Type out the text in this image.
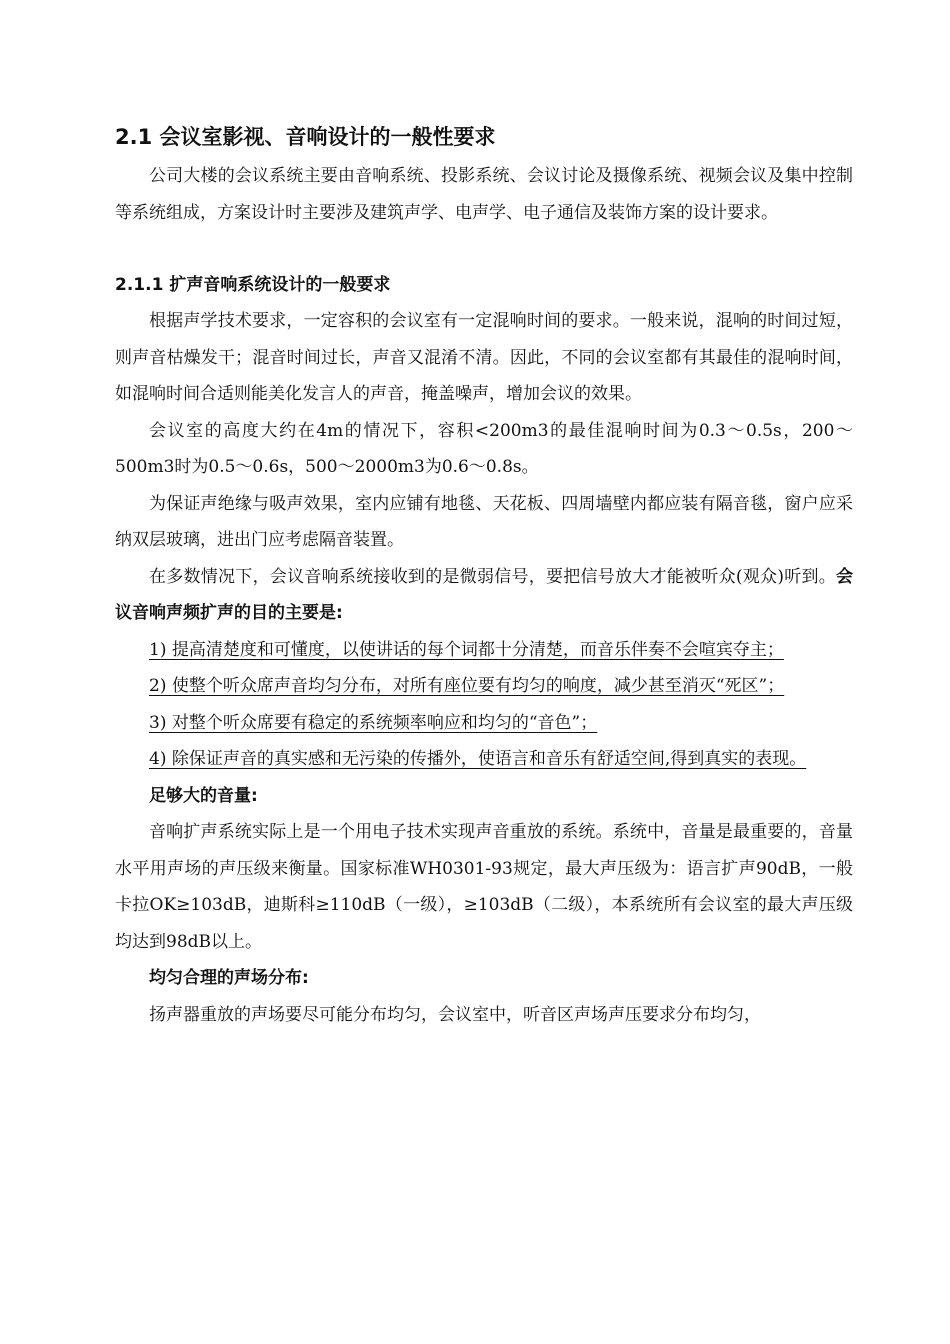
2.1 会议室影视、音响设计的一般性要求

公司大楼的会议系统主要由音响系统、投影系统、会议讨论及摄像系统、视频会议及集中控制等系统组成，方案设计时主要涉及建筑声学、电声学、电子通信及装饰方案的设计要求。

2.1.1 扩声音响系统设计的一般要求

根据声学技术要求，一定容积的会议室有一定混响时间的要求。一般来说，混响的时间过短，则声音枯燥发干；混音时间过长，声音又混淆不清。因此，不同的会议室都有其最佳的混响时间，如混响时间合适则能美化发言人的声音，掩盖噪声，增加会议的效果。

会议室的高度大约在4m的情况下，容积<200m3的最佳混响时间为0.3～0.5s，200～500m3时为0.5～0.6s，500～2000m3为0.6～0.8s。

为保证声绝缘与吸声效果，室内应铺有地毯、天花板、四周墙壁内都应装有隔音毯，窗户应采纳双层玻璃，进出门应考虑隔音装置。

在多数情况下，会议音响系统接收到的是微弱信号，要把信号放大才能被听众(观众)听到。会议音响声频扩声的目的主要是:

1) 提高清楚度和可懂度，以使讲话的每个词都十分清楚，而音乐伴奏不会喧宾夺主；

2) 使整个听众席声音均匀分布，对所有座位要有均匀的响度，减少甚至消灭“死区”；

3) 对整个听众席要有稳定的系统频率响应和均匀的“音色”；

4) 除保证声音的真实感和无污染的传播外，使语言和音乐有舒适空间,得到真实的表现。

足够大的音量:

音响扩声系统实际上是一个用电子技术实现声音重放的系统。系统中，音量是最重要的，音量水平用声场的声压级来衡量。国家标准WH0301-93规定，最大声压级为：语言扩声90dB，一般卡拉OK≥103dB，迪斯科≥110dB（一级），≥103dB（二级），本系统所有会议室的最大声压级均达到98dB以上。

均匀合理的声场分布:

扬声器重放的声场要尽可能分布均匀，会议室中，听音区声场声压要求分布均匀，
